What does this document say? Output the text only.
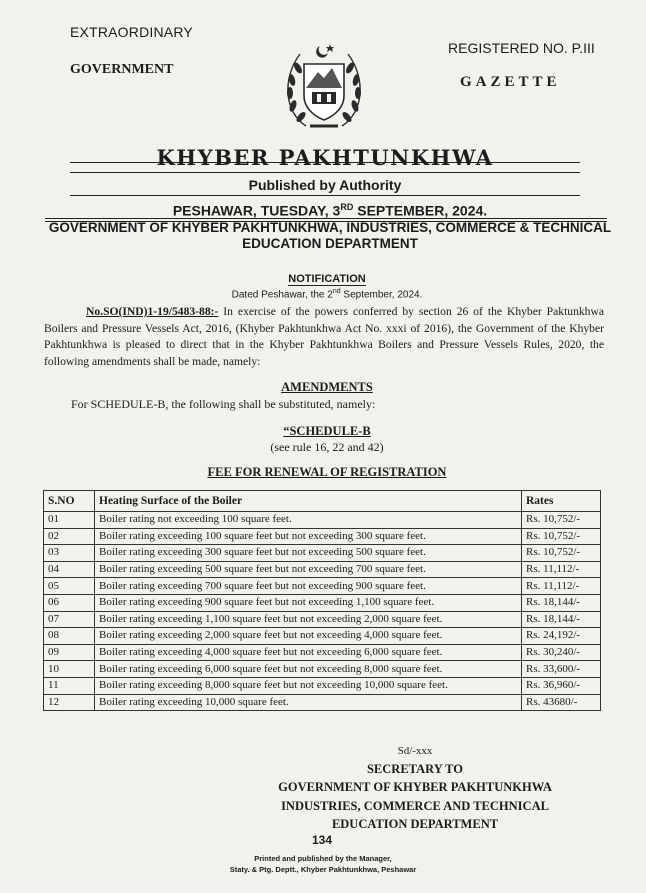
EXTRAORDINARY
GOVERNMENT
REGISTERED NO. P.III
GAZETTE
KHYBER PAKHTUNKHWA
Published by Authority
PESHAWAR, TUESDAY, 3RD SEPTEMBER, 2024.
GOVERNMENT OF KHYBER PAKHTUNKHWA, INDUSTRIES, COMMERCE & TECHNICAL
EDUCATION DEPARTMENT
NOTIFICATION
Dated Peshawar, the 2nd September, 2024.
No.SO(IND)1-19/5483-88:- In exercise of the powers conferred by section 26 of the Khyber Paktunkhwa Boilers and Pressure Vessels Act, 2016, (Khyber Pakhtunkhwa Act No. xxxi of 2016), the Government of the Khyber Pakhtunkhwa is pleased to direct that in the Khyber Pakhtunkhwa Boilers and Pressure Vessels Rules, 2020, the following amendments shall be made, namely:
AMENDMENTS
For SCHEDULE-B, the following shall be substituted, namely:
“SCHEDULE-B
(see rule 16, 22 and 42)
FEE FOR RENEWAL OF REGISTRATION
S.NO	Heating Surface of the Boiler	Rates
01	Boiler rating not exceeding 100 square feet.	Rs. 10,752/-
02	Boiler rating exceeding 100 square feet but not exceeding 300 square feet.	Rs. 10,752/-
03	Boiler rating exceeding 300 square feet but not exceeding 500 square feet.	Rs. 10,752/-
04	Boiler rating exceeding 500 square feet but not exceeding 700 square feet.	Rs. 11,112/-
05	Boiler rating exceeding 700 square feet but not exceeding 900 square feet.	Rs. 11,112/-
06	Boiler rating exceeding 900 square feet but not exceeding 1,100 square feet.	Rs. 18,144/-
07	Boiler rating exceeding 1,100 square feet but not exceeding 2,000 square feet.	Rs. 18,144/-
08	Boiler rating exceeding 2,000 square feet but not exceeding 4,000 square feet.	Rs. 24,192/-
09	Boiler rating exceeding 4,000 square feet but not exceeding 6,000 square feet.	Rs. 30,240/-
10	Boiler rating exceeding 6,000 square feet but not exceeding 8,000 square feet.	Rs. 33,600/-
11	Boiler rating exceeding 8,000 square feet but not exceeding 10,000 square feet.	Rs. 36,960/-
12	Boiler rating exceeding 10,000 square feet.	Rs. 43680/-
Sd/-xxx
SECRETARY TO
GOVERNMENT OF KHYBER PAKHTUNKHWA
INDUSTRIES, COMMERCE AND TECHNICAL
EDUCATION DEPARTMENT
134
Printed and published by the Manager,
Staty. & Ptg. Deptt., Khyber Pakhtunkhwa, Peshawar
